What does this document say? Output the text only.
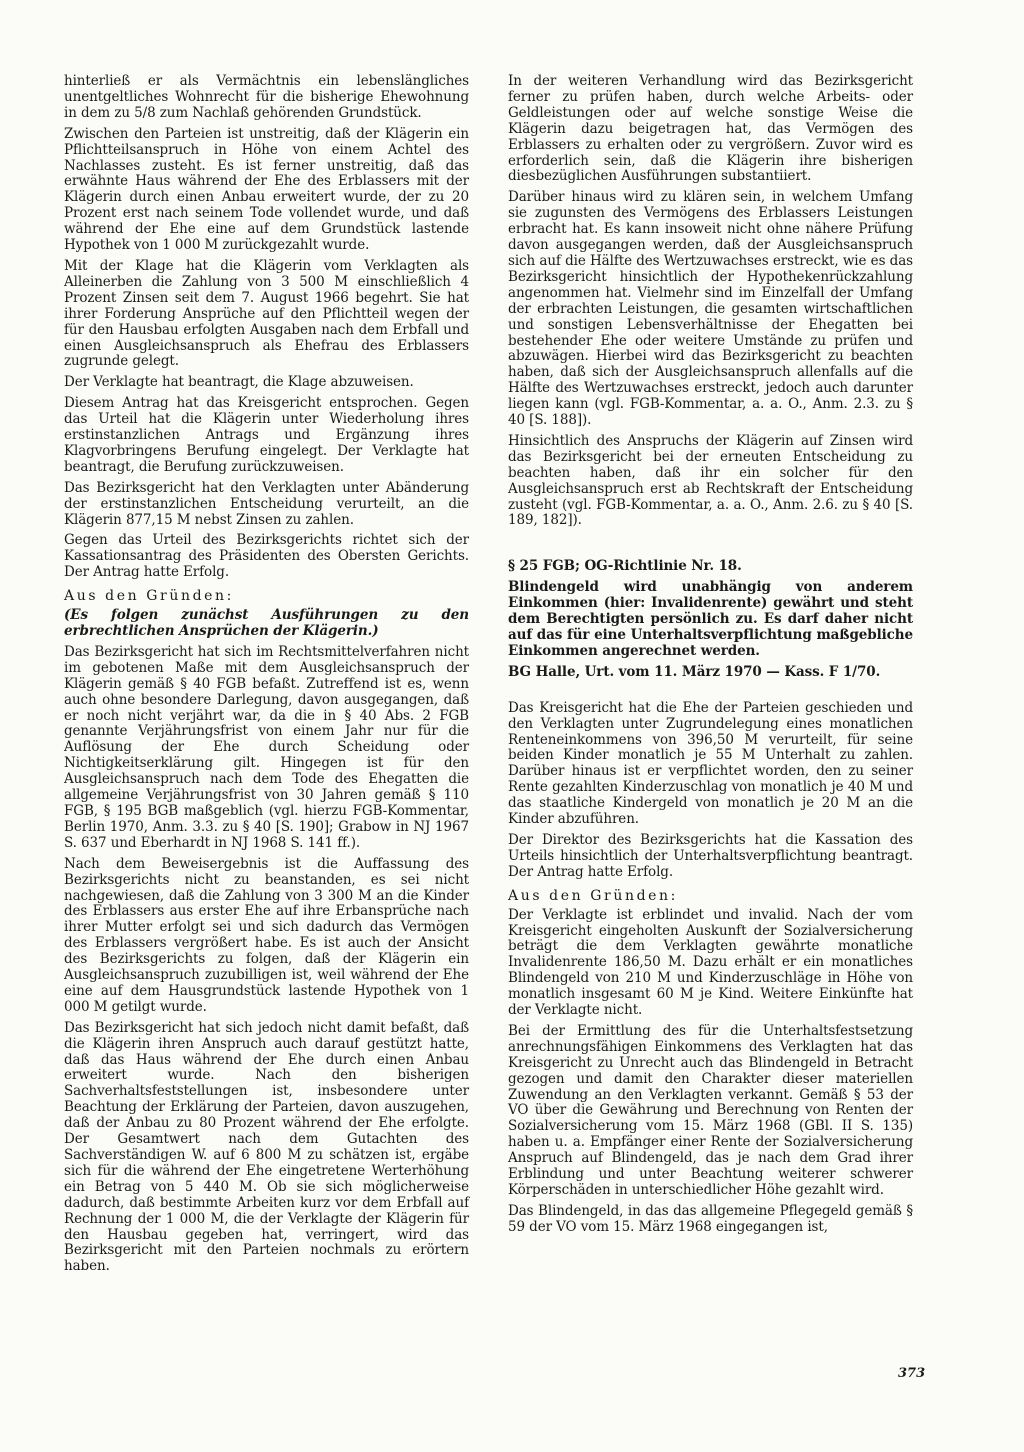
hinterließ er als Vermächtnis ein lebenslängliches unentgeltliches Wohnrecht für die bisherige Ehewohnung in dem zu 5/8 zum Nachlaß gehörenden Grundstück.

Zwischen den Parteien ist unstreitig, daß der Klägerin ein Pflichtteilsanspruch in Höhe von einem Achtel des Nachlasses zusteht. Es ist ferner unstreitig, daß das erwähnte Haus während der Ehe des Erblassers mit der Klägerin durch einen Anbau erweitert wurde, der zu 20 Prozent erst nach seinem Tode vollendet wurde, und daß während der Ehe eine auf dem Grundstück lastende Hypothek von 1 000 M zurückgezahlt wurde.

Mit der Klage hat die Klägerin vom Verklagten als Alleinerben die Zahlung von 3 500 M einschließlich 4 Prozent Zinsen seit dem 7. August 1966 begehrt. Sie hat ihrer Forderung Ansprüche auf den Pflichtteil wegen der für den Hausbau erfolgten Ausgaben nach dem Erbfall und einen Ausgleichsanspruch als Ehefrau des Erblassers zugrunde gelegt.

Der Verklagte hat beantragt, die Klage abzuweisen.

Diesem Antrag hat das Kreisgericht entsprochen. Gegen das Urteil hat die Klägerin unter Wiederholung ihres erstinstanzlichen Antrags und Ergänzung ihres Klagvorbringens Berufung eingelegt. Der Verklagte hat beantragt, die Berufung zurückzuweisen.

Das Bezirksgericht hat den Verklagten unter Abänderung der erstinstanzlichen Entscheidung verurteilt, an die Klägerin 877,15 M nebst Zinsen zu zahlen.

Gegen das Urteil des Bezirksgerichts richtet sich der Kassationsantrag des Präsidenten des Obersten Gerichts. Der Antrag hatte Erfolg.

Aus den Gründen:

(Es folgen zunächst Ausführungen zu den erbrechtlichen Ansprüchen der Klägerin.)

Das Bezirksgericht hat sich im Rechtsmittelverfahren nicht im gebotenen Maße mit dem Ausgleichsanspruch der Klägerin gemäß § 40 FGB befaßt. Zutreffend ist es, wenn auch ohne besondere Darlegung, davon ausgegangen, daß er noch nicht verjährt war, da die in § 40 Abs. 2 FGB genannte Verjährungsfrist von einem Jahr nur für die Auflösung der Ehe durch Scheidung oder Nichtigkeitserklärung gilt. Hingegen ist für den Ausgleichsanspruch nach dem Tode des Ehegatten die allgemeine Verjährungsfrist von 30 Jahren gemäß § 110 FGB, § 195 BGB maßgeblich (vgl. hierzu FGB-Kommentar, Berlin 1970, Anm. 3.3. zu § 40 [S. 190]; Grabow in NJ 1967 S. 637 und Eberhardt in NJ 1968 S. 141 ff.).

Nach dem Beweisergebnis ist die Auffassung des Bezirksgerichts nicht zu beanstanden, es sei nicht nachgewiesen, daß die Zahlung von 3 300 M an die Kinder des Erblassers aus erster Ehe auf ihre Erbansprüche nach ihrer Mutter erfolgt sei und sich dadurch das Vermögen des Erblassers vergrößert habe. Es ist auch der Ansicht des Bezirksgerichts zu folgen, daß der Klägerin ein Ausgleichsanspruch zuzubilligen ist, weil während der Ehe eine auf dem Hausgrundstück lastende Hypothek von 1 000 M getilgt wurde.

Das Bezirksgericht hat sich jedoch nicht damit befaßt, daß die Klägerin ihren Anspruch auch darauf gestützt hatte, daß das Haus während der Ehe durch einen Anbau erweitert wurde. Nach den bisherigen Sachverhaltsfeststellungen ist, insbesondere unter Beachtung der Erklärung der Parteien, davon auszugehen, daß der Anbau zu 80 Prozent während der Ehe erfolgte. Der Gesamtwert nach dem Gutachten des Sachverständigen W. auf 6 800 M zu schätzen ist, ergäbe sich für die während der Ehe eingetretene Werterhöhung ein Betrag von 5 440 M. Ob sie sich möglicherweise dadurch, daß bestimmte Arbeiten kurz vor dem Erbfall auf Rechnung der 1 000 M, die der Verklagte der Klägerin für den Hausbau gegeben hat, verringert, wird das Bezirksgericht mit den Parteien nochmals zu erörtern haben.

In der weiteren Verhandlung wird das Bezirksgericht ferner zu prüfen haben, durch welche Arbeits- oder Geldleistungen oder auf welche sonstige Weise die Klägerin dazu beigetragen hat, das Vermögen des Erblassers zu erhalten oder zu vergrößern. Zuvor wird es erforderlich sein, daß die Klägerin ihre bisherigen diesbezüglichen Ausführungen substantiiert.

Darüber hinaus wird zu klären sein, in welchem Umfang sie zugunsten des Vermögens des Erblassers Leistungen erbracht hat. Es kann insoweit nicht ohne nähere Prüfung davon ausgegangen werden, daß der Ausgleichsanspruch sich auf die Hälfte des Wertzuwachses erstreckt, wie es das Bezirksgericht hinsichtlich der Hypothekenrückzahlung angenommen hat. Vielmehr sind im Einzelfall der Umfang der erbrachten Leistungen, die gesamten wirtschaftlichen und sonstigen Lebensverhältnisse der Ehegatten bei bestehender Ehe oder weitere Umstände zu prüfen und abzuwägen. Hierbei wird das Bezirksgericht zu beachten haben, daß sich der Ausgleichsanspruch allenfalls auf die Hälfte des Wertzuwachses erstreckt, jedoch auch darunter liegen kann (vgl. FGB-Kommentar, a. a. O., Anm. 2.3. zu § 40 [S. 188]).

Hinsichtlich des Anspruchs der Klägerin auf Zinsen wird das Bezirksgericht bei der erneuten Entscheidung zu beachten haben, daß ihr ein solcher für den Ausgleichsanspruch erst ab Rechtskraft der Entscheidung zusteht (vgl. FGB-Kommentar, a. a. O., Anm. 2.6. zu § 40 [S. 189, 182]).

§ 25 FGB; OG-Richtlinie Nr. 18.

Blindengeld wird unabhängig von anderem Einkommen (hier: Invalidenrente) gewährt und steht dem Berechtigten persönlich zu. Es darf daher nicht auf das für eine Unterhaltsverpflichtung maßgebliche Einkommen angerechnet werden.

BG Halle, Urt. vom 11. März 1970 — Kass. F 1/70.

Das Kreisgericht hat die Ehe der Parteien geschieden und den Verklagten unter Zugrundelegung eines monatlichen Renteneinkommens von 396,50 M verurteilt, für seine beiden Kinder monatlich je 55 M Unterhalt zu zahlen. Darüber hinaus ist er verpflichtet worden, den zu seiner Rente gezahlten Kinderzuschlag von monatlich je 40 M und das staatliche Kindergeld von monatlich je 20 M an die Kinder abzuführen.

Der Direktor des Bezirksgerichts hat die Kassation des Urteils hinsichtlich der Unterhaltsverpflichtung beantragt. Der Antrag hatte Erfolg.

Aus den Gründen:

Der Verklagte ist erblindet und invalid. Nach der vom Kreisgericht eingeholten Auskunft der Sozialversicherung beträgt die dem Verklagten gewährte monatliche Invalidenrente 186,50 M. Dazu erhält er ein monatliches Blindengeld von 210 M und Kinderzuschläge in Höhe von monatlich insgesamt 60 M je Kind. Weitere Einkünfte hat der Verklagte nicht.

Bei der Ermittlung des für die Unterhaltsfestsetzung anrechnungsfähigen Einkommens des Verklagten hat das Kreisgericht zu Unrecht auch das Blindengeld in Betracht gezogen und damit den Charakter dieser materiellen Zuwendung an den Verklagten verkannt. Gemäß § 53 der VO über die Gewährung und Berechnung von Renten der Sozialversicherung vom 15. März 1968 (GBl. II S. 135) haben u. a. Empfänger einer Rente der Sozialversicherung Anspruch auf Blindengeld, das je nach dem Grad ihrer Erblindung und unter Beachtung weiterer schwerer Körperschäden in unterschiedlicher Höhe gezahlt wird.

Das Blindengeld, in das das allgemeine Pflegegeld gemäß § 59 der VO vom 15. März 1968 eingegangen ist,

373
